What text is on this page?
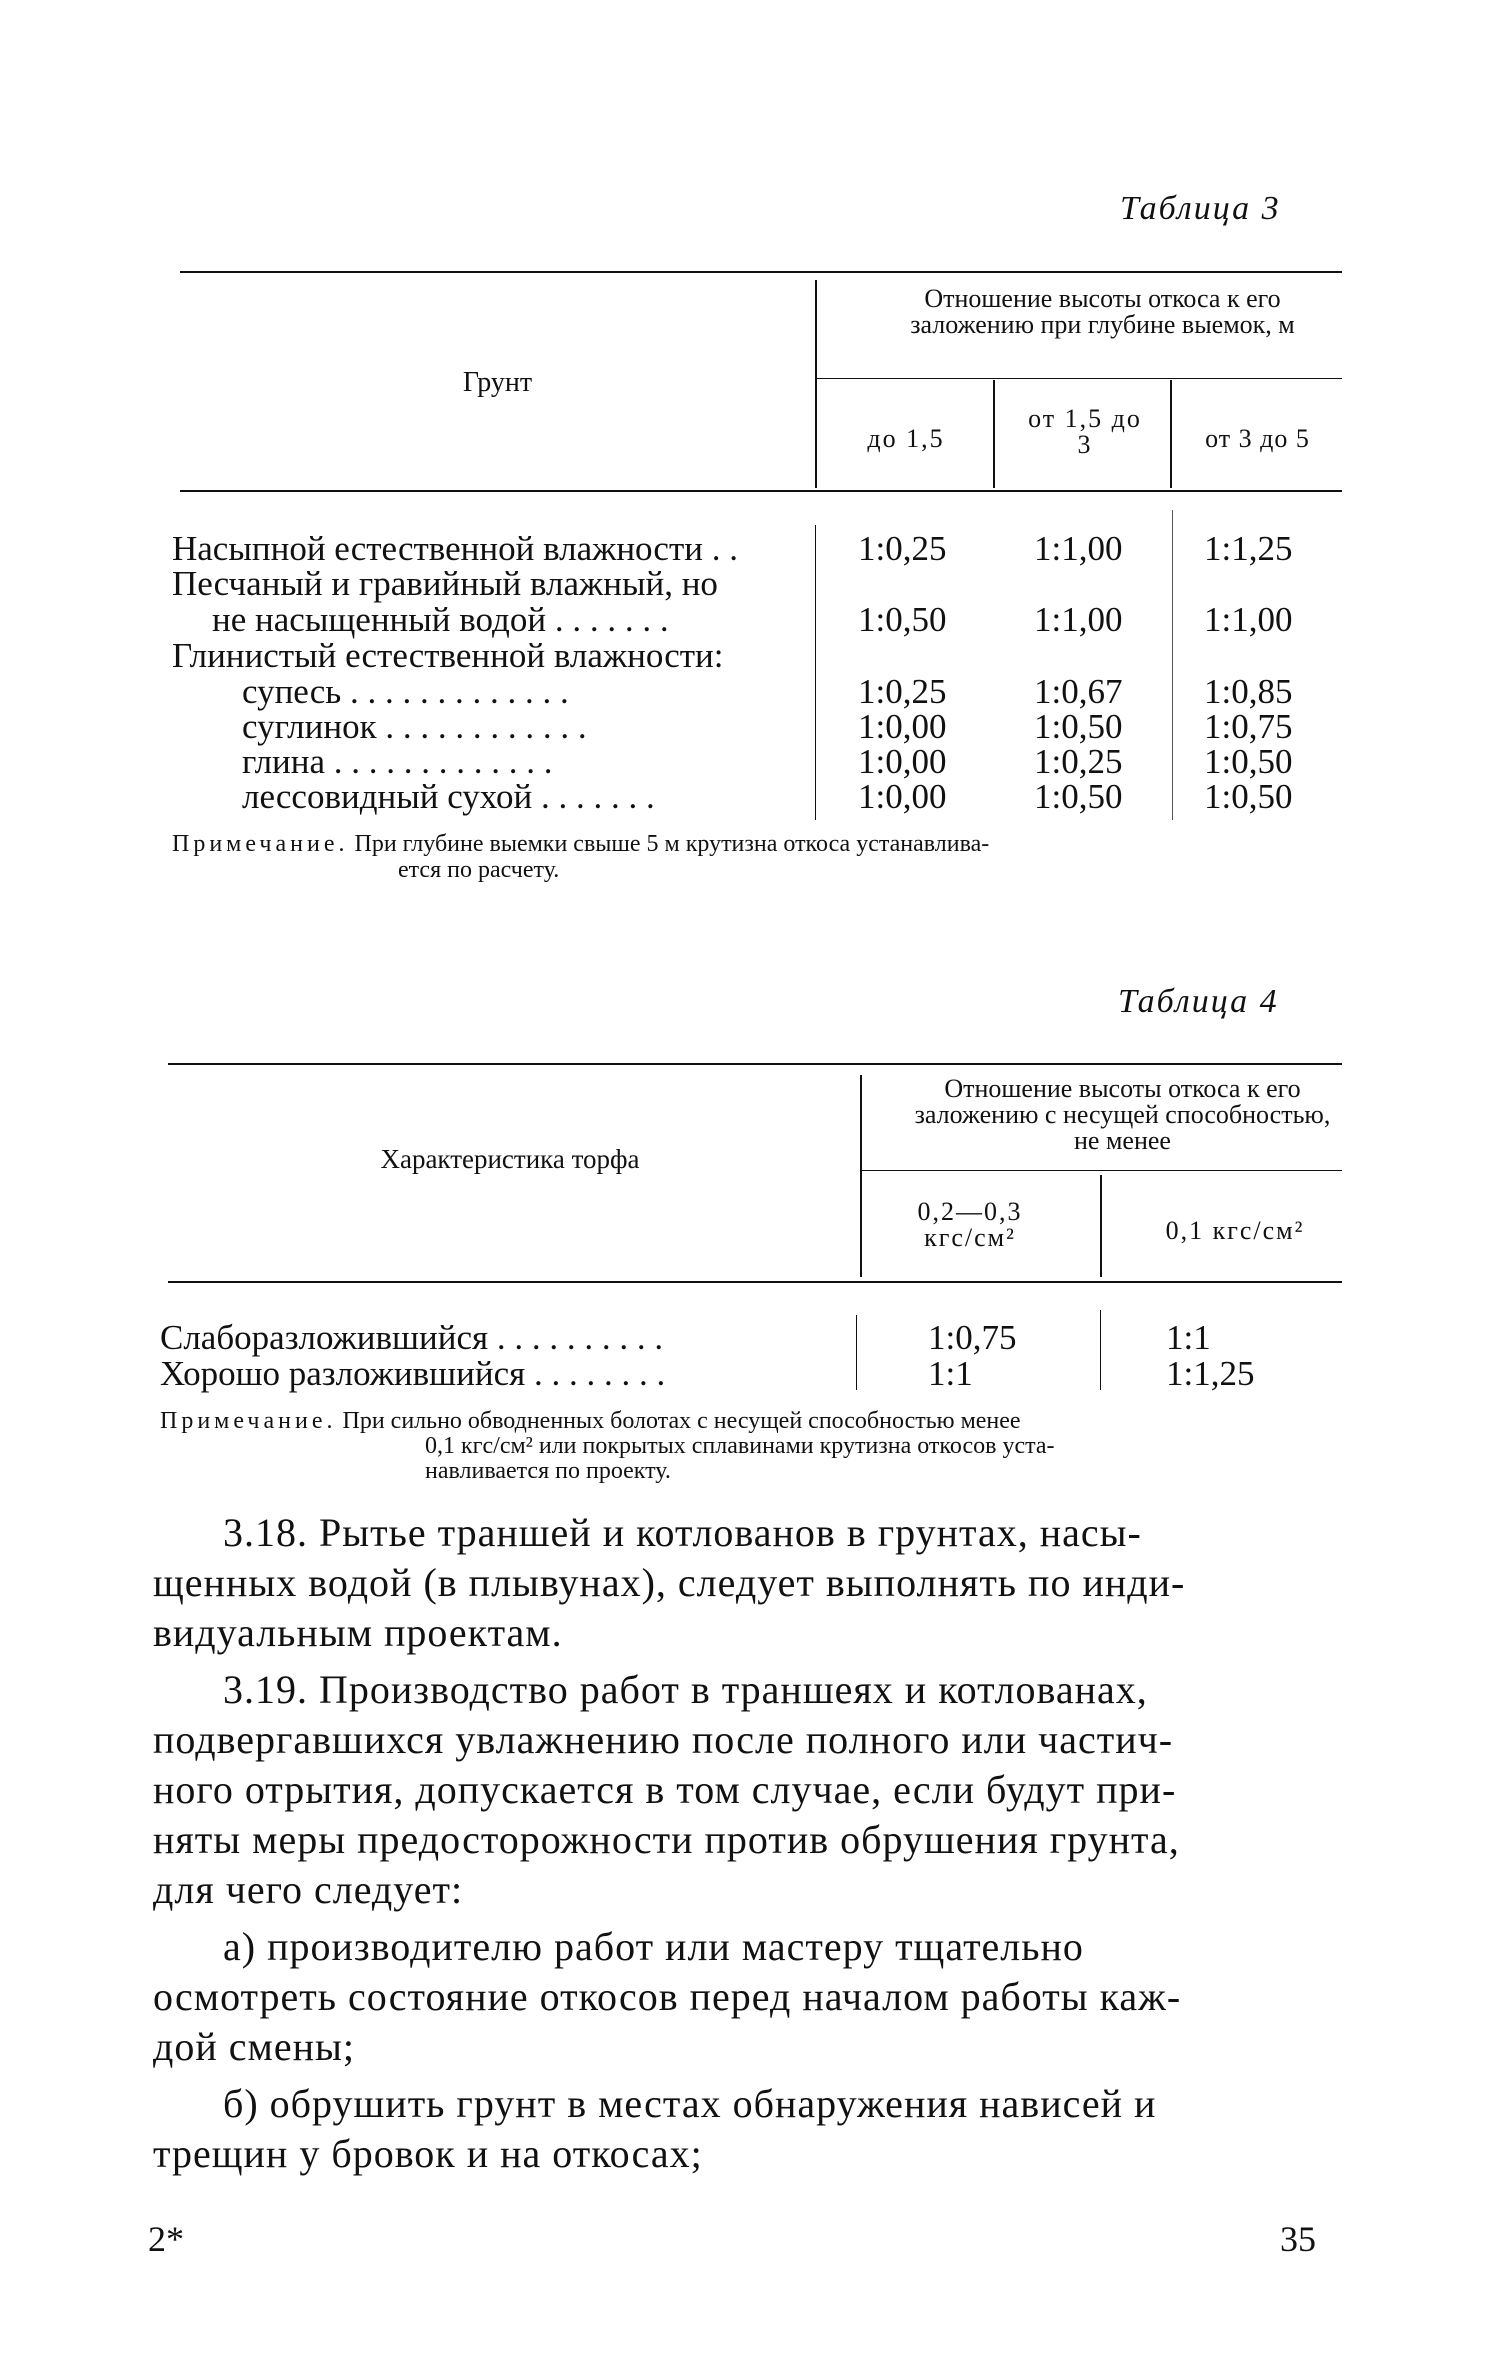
Таблица 3
Грунт
Отношение высоты откоса к его заложению при глубине выемок, м
до 1,5
от 1,5 до 3	от 3 до 5
Насыпной естественной влажности . .	1:0,25	1:1,00 1:1,25
Песчаный и гравийный влажный, но
не насыщенный водой . . . . . . .	1:0,50	1:1,00 1:1,00
Глинистый естественной влажности:
супесь . . . . . . . . . . . . .	1:0,25	1:0,67 1:0,85
суглинок . . . . . . . . . . . .	1:0,00	1:0,50 1:0,75
глина . . . . . . . . . . . . .	1:0,00	1:0,25 1:0,50
лессовидный сухой . . . . . . .	1:0,00	1:0,50 1:0,50
Примечание. При глубине выемки свыше 5 м крутизна откоса устанавлива-
ется по расчету.
Таблица 4
Характеристика торфа
Отношение высоты откоса к его заложению с несущей способностью, не менее
0,2—0,3 кгс/см²	0,1 кгс/см²
Слаборазложившийся . . . . . . . . . .	1:0,75	1:1
Хорошо разложившийся . . . . . . . .	1:1	1:1,25
Примечание. При сильно обводненных болотах с несущей способностью менее
0,1 кгс/см² или покрытых сплавинами крутизна откосов уста-
навливается по проекту.
3.18. Рытье траншей и котлованов в грунтах, насы-
щенных водой (в плывунах), следует выполнять по инди-
видуальным проектам.
3.19. Производство работ в траншеях и котлованах,
подвергавшихся увлажнению после полного или частич-
ного отрытия, допускается в том случае, если будут при-
няты меры предосторожности против обрушения грунта,
для чего следует:
а) производителю работ или мастеру тщательно
осмотреть состояние откосов перед началом работы каж-
дой смены;
б) обрушить грунт в местах обнаружения нависей и
трещин у бровок и на откосах;
2*	35
